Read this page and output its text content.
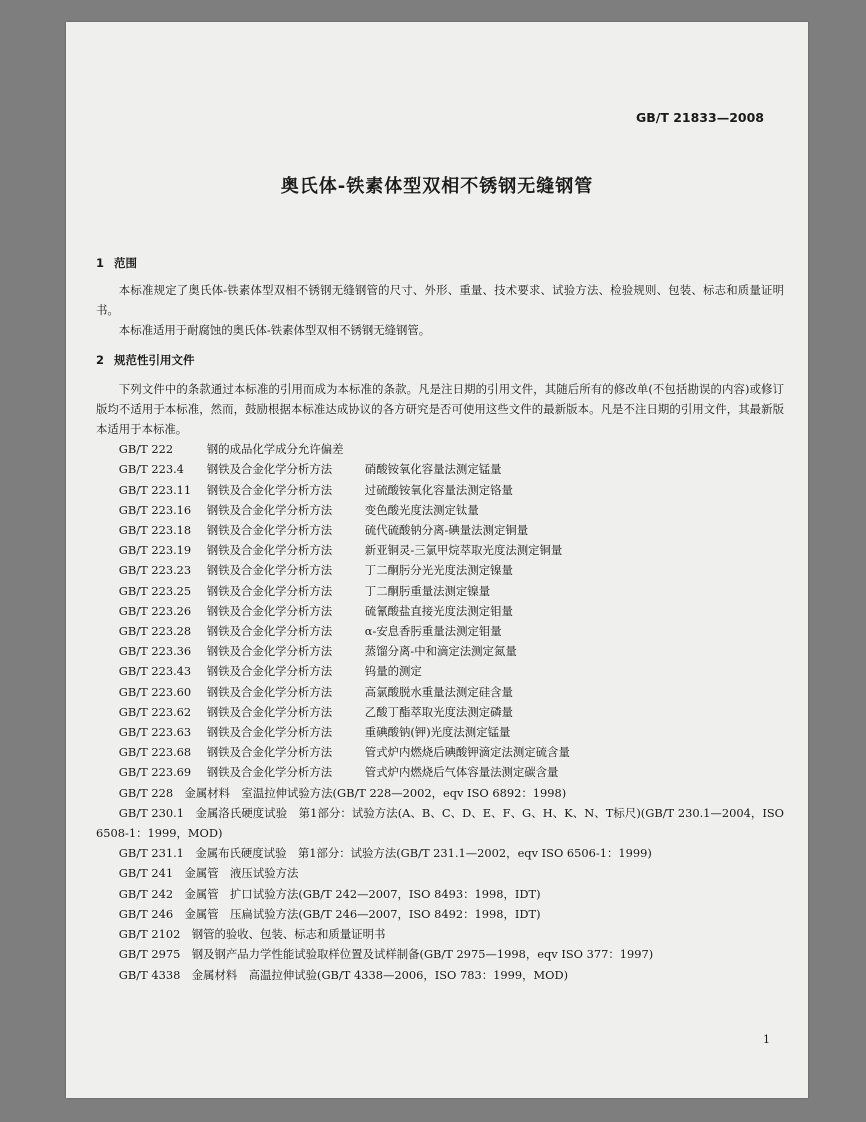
GB/T 21833—2008
奥氏体-铁素体型双相不锈钢无缝钢管
1 范围

本标准规定了奥氏体-铁素体型双相不锈钢无缝钢管的尺寸、外形、重量、技术要求、试验方法、检验规则、包装、标志和质量证明书。

本标准适用于耐腐蚀的奥氏体-铁素体型双相不锈钢无缝钢管。

2 规范性引用文件

下列文件中的条款通过本标准的引用而成为本标准的条款。凡是注日期的引用文件，其随后所有的修改单(不包括勘误的内容)或修订版均不适用于本标准，然而，鼓励根据本标准达成协议的各方研究是否可使用这些文件的最新版本。凡是不注日期的引用文件，其最新版本适用于本标准。

GB/T 222	钢的成品化学成分允许偏差
GB/T 223.4	钢铁及合金化学分析方法	硝酸铵氧化容量法测定锰量
GB/T 223.11	钢铁及合金化学分析方法	过硫酸铵氧化容量法测定铬量
GB/T 223.16	钢铁及合金化学分析方法	变色酸光度法测定钛量
GB/T 223.18	钢铁及合金化学分析方法	硫代硫酸钠分离-碘量法测定铜量
GB/T 223.19	钢铁及合金化学分析方法	新亚铜灵-三氯甲烷萃取光度法测定铜量
GB/T 223.23	钢铁及合金化学分析方法	丁二酮肟分光光度法测定镍量
GB/T 223.25	钢铁及合金化学分析方法	丁二酮肟重量法测定镍量
GB/T 223.26	钢铁及合金化学分析方法	硫氰酸盐直接光度法测定钼量
GB/T 223.28	钢铁及合金化学分析方法	α-安息香肟重量法测定钼量
GB/T 223.36	钢铁及合金化学分析方法	蒸馏分离-中和滴定法测定氮量
GB/T 223.43	钢铁及合金化学分析方法	钨量的测定
GB/T 223.60	钢铁及合金化学分析方法	高氯酸脱水重量法测定硅含量
GB/T 223.62	钢铁及合金化学分析方法	乙酸丁酯萃取光度法测定磷量
GB/T 223.63	钢铁及合金化学分析方法	重碘酸钠(钾)光度法测定锰量
GB/T 223.68	钢铁及合金化学分析方法	管式炉内燃烧后碘酸钾滴定法测定硫含量
GB/T 223.69	钢铁及合金化学分析方法	管式炉内燃烧后气体容量法测定碳含量

GB/T 228  金属材料　室温拉伸试验方法(GB/T 228—2002，eqv ISO 6892：1998)

GB/T 230.1  金属洛氏硬度试验　第1部分：试验方法(A、B、C、D、E、F、G、H、K、N、T标尺)(GB/T 230.1—2004，ISO 6508-1：1999，MOD)

GB/T 231.1  金属布氏硬度试验　第1部分：试验方法(GB/T 231.1—2002，eqv ISO 6506-1：1999)

GB/T 241  金属管　液压试验方法

GB/T 242  金属管　扩口试验方法(GB/T 242—2007，ISO 8493：1998，IDT)

GB/T 246  金属管　压扁试验方法(GB/T 246—2007，ISO 8492：1998，IDT)

GB/T 2102  钢管的验收、包装、标志和质量证明书

GB/T 2975  钢及钢产品力学性能试验取样位置及试样制备(GB/T 2975—1998，eqv ISO 377：1997)

GB/T 4338  金属材料　高温拉伸试验(GB/T 4338—2006，ISO 783：1999，MOD)

1
